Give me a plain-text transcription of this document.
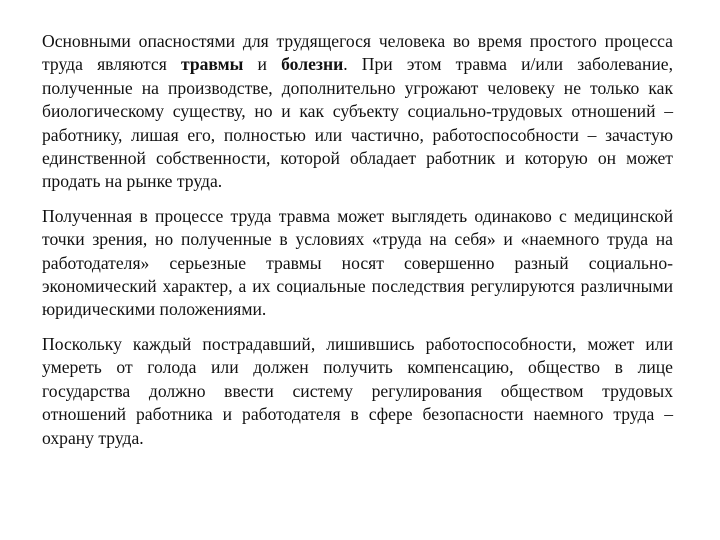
Основными опасностями для трудящегося человека во время простого процесса труда являются травмы и болезни. При этом травма и/или заболевание, полученные на производстве, дополнительно угрожают человеку не только как биологическому существу, но и как субъекту социально-трудовых отношений – работнику, лишая его, полностью или частично, работоспособности – зачастую единственной собственности, которой обладает работник и которую он может продать на рынке труда.

Полученная в процессе труда травма может выглядеть одинаково с медицинской точки зрения, но полученные в условиях «труда на себя» и «наемного труда на работодателя» серьезные травмы носят совершенно разный социально-экономический характер, а их социальные последствия регулируются различными юридическими положениями.

Поскольку каждый пострадавший, лишившись работоспособности, может или умереть от голода или должен получить компенсацию, общество в лице государства должно ввести систему регулирования обществом трудовых отношений работника и работодателя в сфере безопасности наемного труда – охрану труда.
